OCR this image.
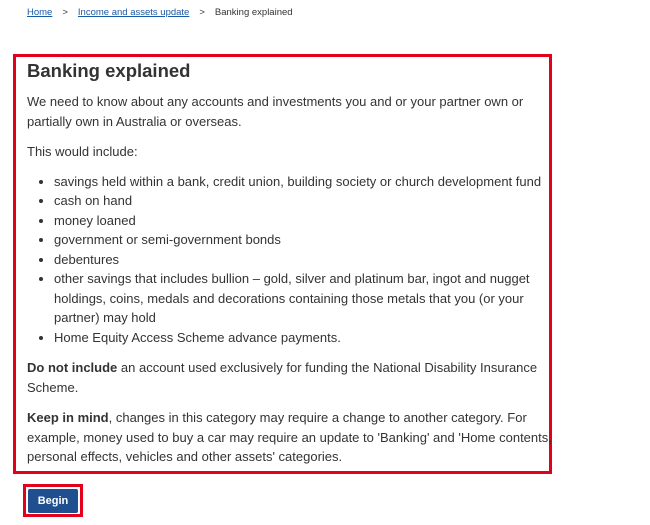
Home > Income and assets update > Banking explained
Banking explained

We need to know about any accounts and investments you and or your partner own or partially own in Australia or overseas.

This would include:

• savings held within a bank, credit union, building society or church development fund
• cash on hand
• money loaned
• government or semi-government bonds
• debentures
• other savings that includes bullion – gold, silver and platinum bar, ingot and nugget holdings, coins, medals and decorations containing those metals that you (or your partner) may hold
• Home Equity Access Scheme advance payments.

Do not include an account used exclusively for funding the National Disability Insurance Scheme.

Keep in mind, changes in this category may require a change to another category. For example, money used to buy a car may require an update to 'Banking' and 'Home contents, personal effects, vehicles and other assets' categories.

Begin
